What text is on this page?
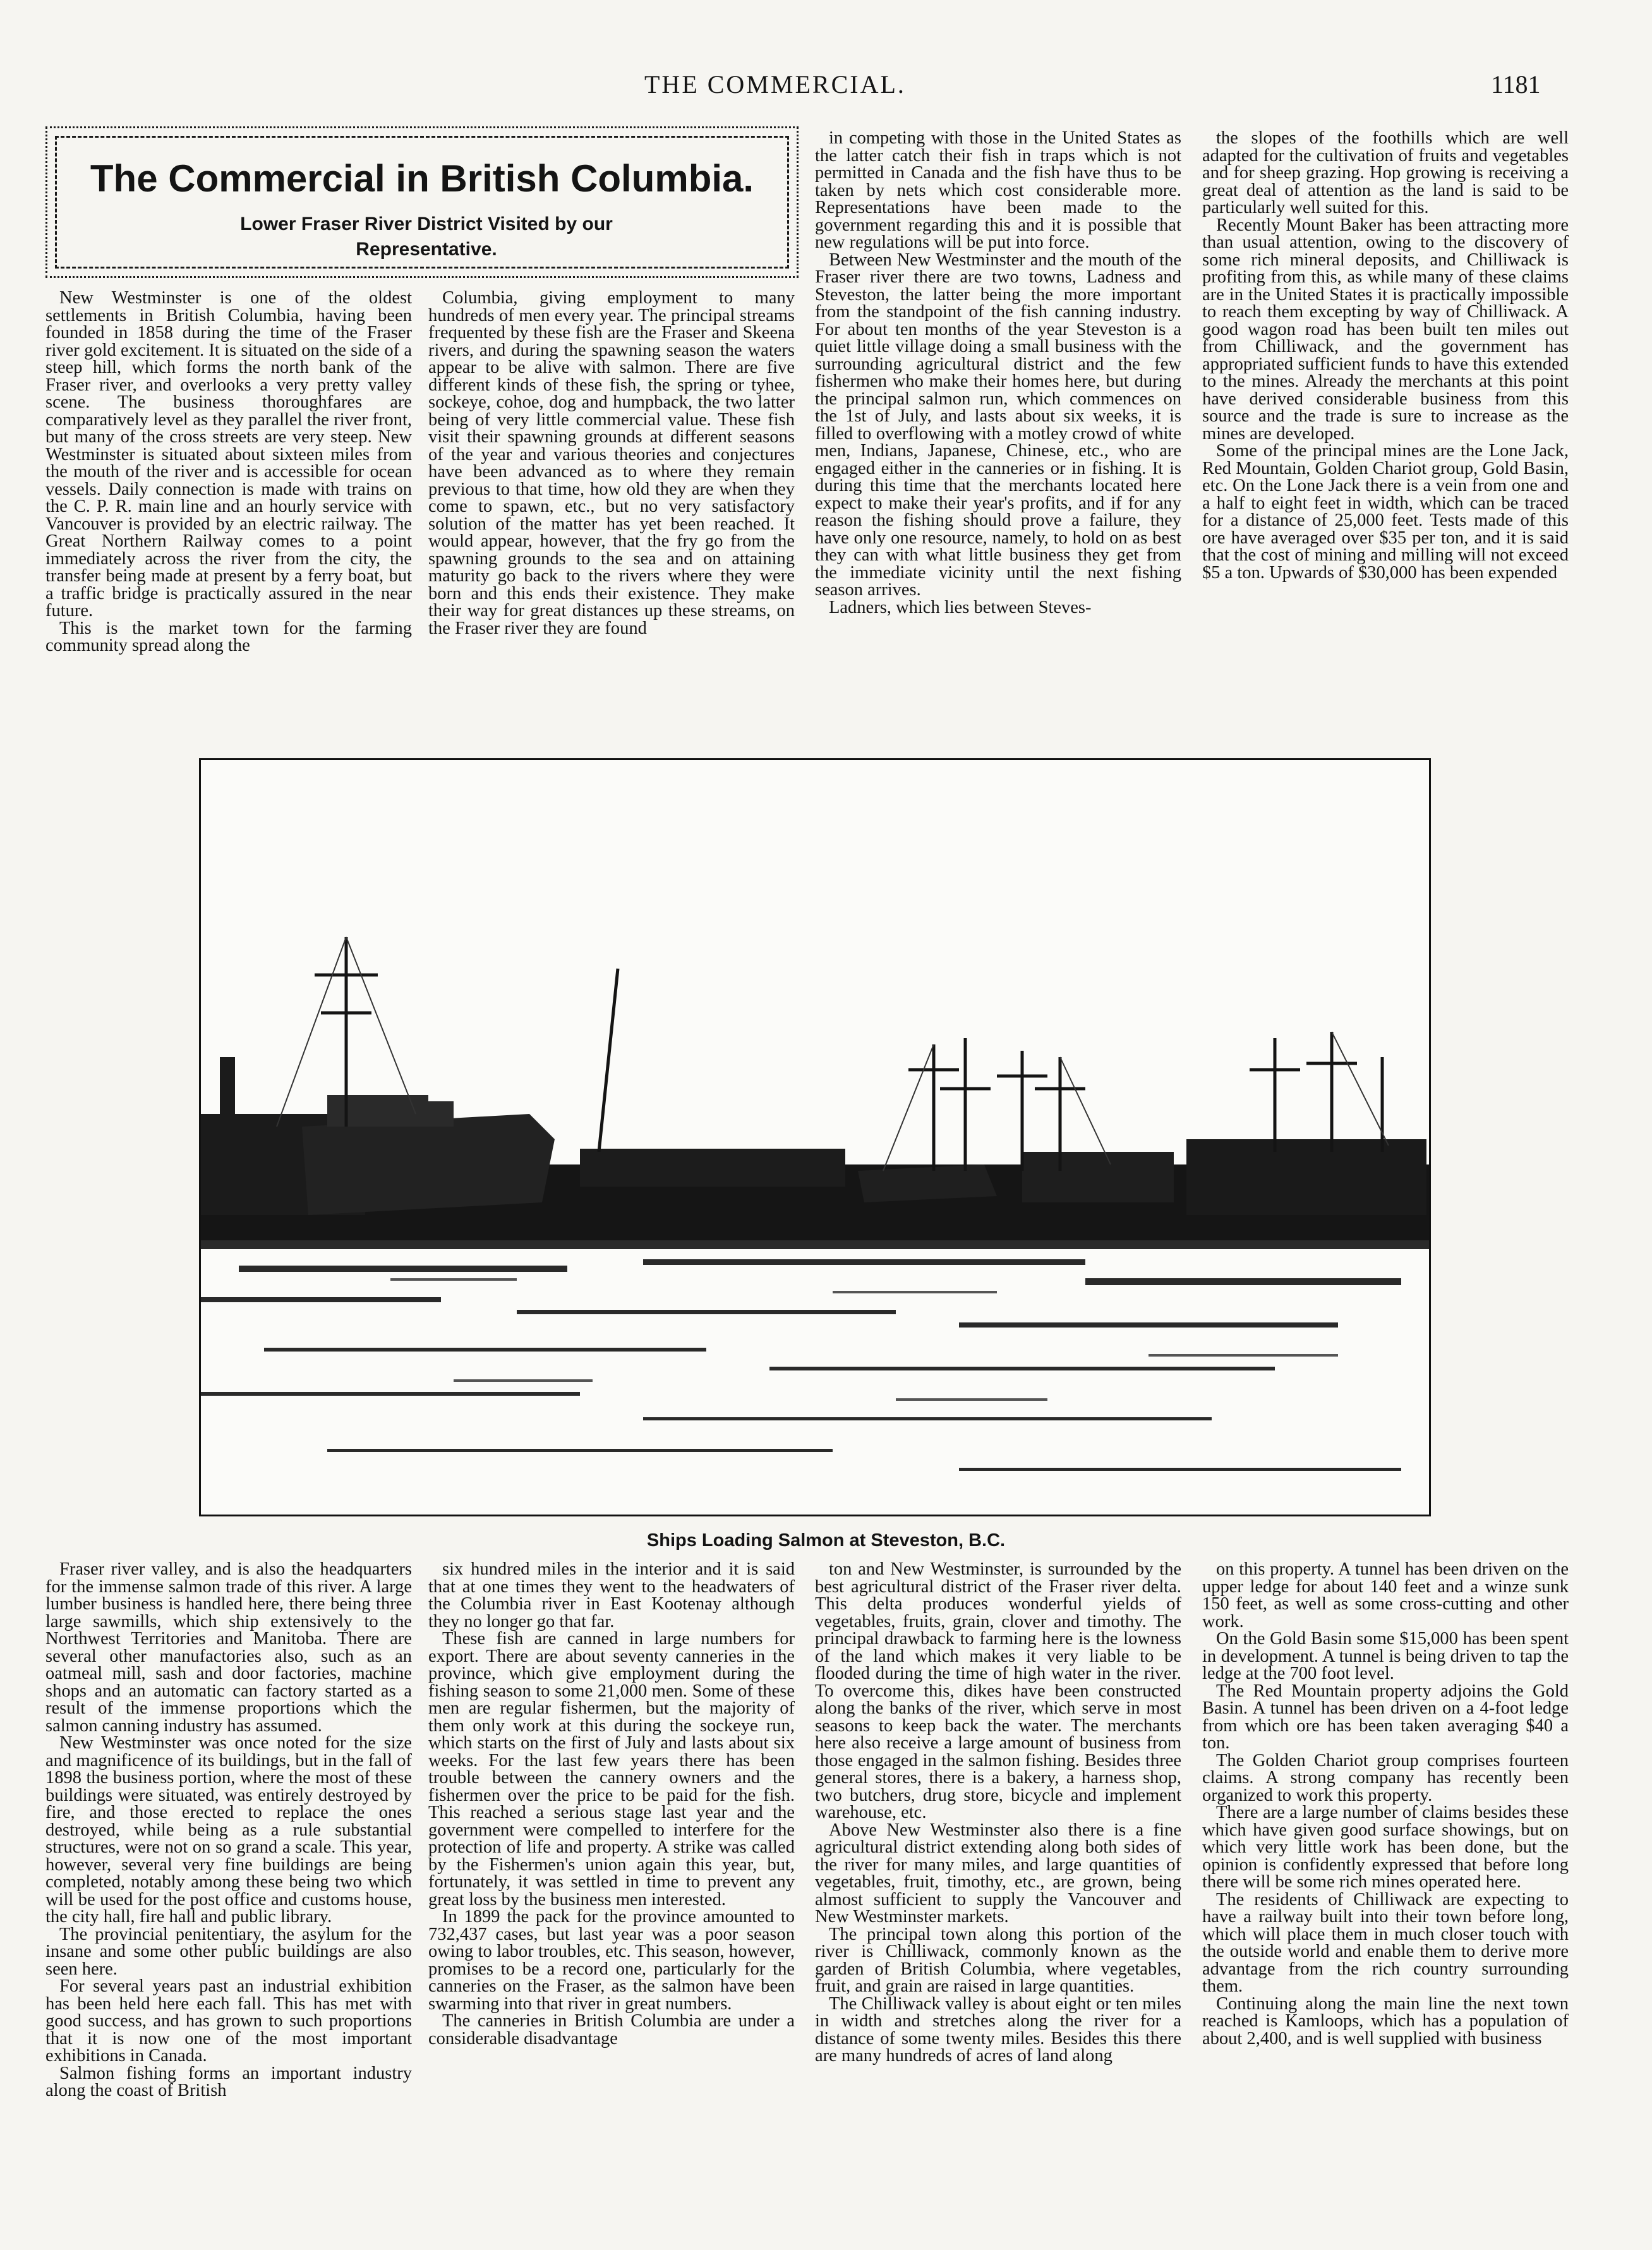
THE COMMERCIAL.	1181
The Commercial in British Columbia.
Lower Fraser River District Visited by our Representative.

New Westminster is one of the oldest settlements in British Columbia, having been founded in 1858 during the time of the Fraser river gold excitement. It is situated on the side of a steep hill, which forms the north bank of the Fraser river, and overlooks a very pretty valley scene. The business thoroughfares are comparatively level as they parallel the river front, but many of the cross streets are very steep. New Westminster is situated about sixteen miles from the mouth of the river and is accessible for ocean vessels. Daily connection is made with trains on the C. P. R. main line and an hourly service with Vancouver is provided by an electric railway. The Great Northern Railway comes to a point immediately across the river from the city, the transfer being made at present by a ferry boat, but a traffic bridge is practically assured in the near future.

This is the market town for the farming community spread along the

Columbia, giving employment to many hundreds of men every year. The principal streams frequented by these fish are the Fraser and Skeena rivers, and during the spawning season the waters appear to be alive with salmon. There are five different kinds of these fish, the spring or tyhee, sockeye, cohoe, dog and humpback, the two latter being of very little commercial value. These fish visit their spawning grounds at different seasons of the year and various theories and conjectures have been advanced as to where they remain previous to that time, how old they are when they come to spawn, etc., but no very satisfactory solution of the matter has yet been reached. It would appear, however, that the fry go from the spawning grounds to the sea and on attaining maturity go back to the rivers where they were born and this ends their existence. They make their way for great distances up these streams, on the Fraser river they are found

in competing with those in the United States as the latter catch their fish in traps which is not permitted in Canada and the fish have thus to be taken by nets which cost considerable more. Representations have been made to the government regarding this and it is possible that new regulations will be put into force.

Between New Westminster and the mouth of the Fraser river there are two towns, Ladness and Steveston, the latter being the more important from the standpoint of the fish canning industry. For about ten months of the year Steveston is a quiet little village doing a small business with the surrounding agricultural district and the few fishermen who make their homes here, but during the principal salmon run, which commences on the 1st of July, and lasts about six weeks, it is filled to overflowing with a motley crowd of white men, Indians, Japanese, Chinese, etc., who are engaged either in the canneries or in fishing. It is during this time that the merchants located here expect to make their year's profits, and if for any reason the fishing should prove a failure, they have only one resource, namely, to hold on as best they can with what little business they get from the immediate vicinity until the next fishing season arrives.

Ladners, which lies between Steves-

the slopes of the foothills which are well adapted for the cultivation of fruits and vegetables and for sheep grazing. Hop growing is receiving a great deal of attention as the land is said to be particularly well suited for this.

Recently Mount Baker has been attracting more than usual attention, owing to the discovery of some rich mineral deposits, and Chilliwack is profiting from this, as while many of these claims are in the United States it is practically impossible to reach them excepting by way of Chilliwack. A good wagon road has been built ten miles out from Chilliwack, and the government has appropriated sufficient funds to have this extended to the mines. Already the merchants at this point have derived considerable business from this source and the trade is sure to increase as the mines are developed.

Some of the principal mines are the Lone Jack, Red Mountain, Golden Chariot group, Gold Basin, etc. On the Lone Jack there is a vein from one and a half to eight feet in width, which can be traced for a distance of 25,000 feet. Tests made of this ore have averaged over $35 per ton, and it is said that the cost of mining and milling will not exceed $5 a ton. Upwards of $30,000 has been expended

Ships Loading Salmon at Steveston, B.C.

Fraser river valley, and is also the headquarters for the immense salmon trade of this river. A large lumber business is handled here, there being three large sawmills, which ship extensively to the Northwest Territories and Manitoba. There are several other manufactories also, such as an oatmeal mill, sash and door factories, machine shops and an automatic can factory started as a result of the immense proportions which the salmon canning industry has assumed.

New Westminster was once noted for the size and magnificence of its buildings, but in the fall of 1898 the business portion, where the most of these buildings were situated, was entirely destroyed by fire, and those erected to replace the ones destroyed, while being as a rule substantial structures, were not on so grand a scale. This year, however, several very fine buildings are being completed, notably among these being two which will be used for the post office and customs house, the city hall, fire hall and public library.

The provincial penitentiary, the asylum for the insane and some other public buildings are also seen here.

For several years past an industrial exhibition has been held here each fall. This has met with good success, and has grown to such proportions that it is now one of the most important exhibitions in Canada.

Salmon fishing forms an important industry along the coast of British

six hundred miles in the interior and it is said that at one times they went to the headwaters of the Columbia river in East Kootenay although they no longer go that far.

These fish are canned in large numbers for export. There are about seventy canneries in the province, which give employment during the fishing season to some 21,000 men. Some of these men are regular fishermen, but the majority of them only work at this during the sockeye run, which starts on the first of July and lasts about six weeks. For the last few years there has been trouble between the cannery owners and the fishermen over the price to be paid for the fish. This reached a serious stage last year and the government were compelled to interfere for the protection of life and property. A strike was called by the Fishermen's union again this year, but, fortunately, it was settled in time to prevent any great loss by the business men interested.

In 1899 the pack for the province amounted to 732,437 cases, but last year was a poor season owing to labor troubles, etc. This season, however, promises to be a record one, particularly for the canneries on the Fraser, as the salmon have been swarming into that river in great numbers.

The canneries in British Columbia are under a considerable disadvantage

ton and New Westminster, is surrounded by the best agricultural district of the Fraser river delta. This delta produces wonderful yields of vegetables, fruits, grain, clover and timothy. The principal drawback to farming here is the lowness of the land which makes it very liable to be flooded during the time of high water in the river. To overcome this, dikes have been constructed along the banks of the river, which serve in most seasons to keep back the water. The merchants here also receive a large amount of business from those engaged in the salmon fishing. Besides three general stores, there is a bakery, a harness shop, two butchers, drug store, bicycle and implement warehouse, etc.

Above New Westminster also there is a fine agricultural district extending along both sides of the river for many miles, and large quantities of vegetables, fruit, timothy, etc., are grown, being almost sufficient to supply the Vancouver and New Westminster markets.

The principal town along this portion of the river is Chilliwack, commonly known as the garden of British Columbia, where vegetables, fruit, and grain are raised in large quantities.

The Chilliwack valley is about eight or ten miles in width and stretches along the river for a distance of some twenty miles. Besides this there are many hundreds of acres of land along

on this property. A tunnel has been driven on the upper ledge for about 140 feet and a winze sunk 150 feet, as well as some cross-cutting and other work.

On the Gold Basin some $15,000 has been spent in development. A tunnel is being driven to tap the ledge at the 700 foot level.

The Red Mountain property adjoins the Gold Basin. A tunnel has been driven on a 4-foot ledge from which ore has been taken averaging $40 a ton.

The Golden Chariot group comprises fourteen claims. A strong company has recently been organized to work this property.

There are a large number of claims besides these which have given good surface showings, but on which very little work has been done, but the opinion is confidently expressed that before long there will be some rich mines operated here.

The residents of Chilliwack are expecting to have a railway built into their town before long, which will place them in much closer touch with the outside world and enable them to derive more advantage from the rich country surrounding them.

Continuing along the main line the next town reached is Kamloops, which has a population of about 2,400, and is well supplied with business
